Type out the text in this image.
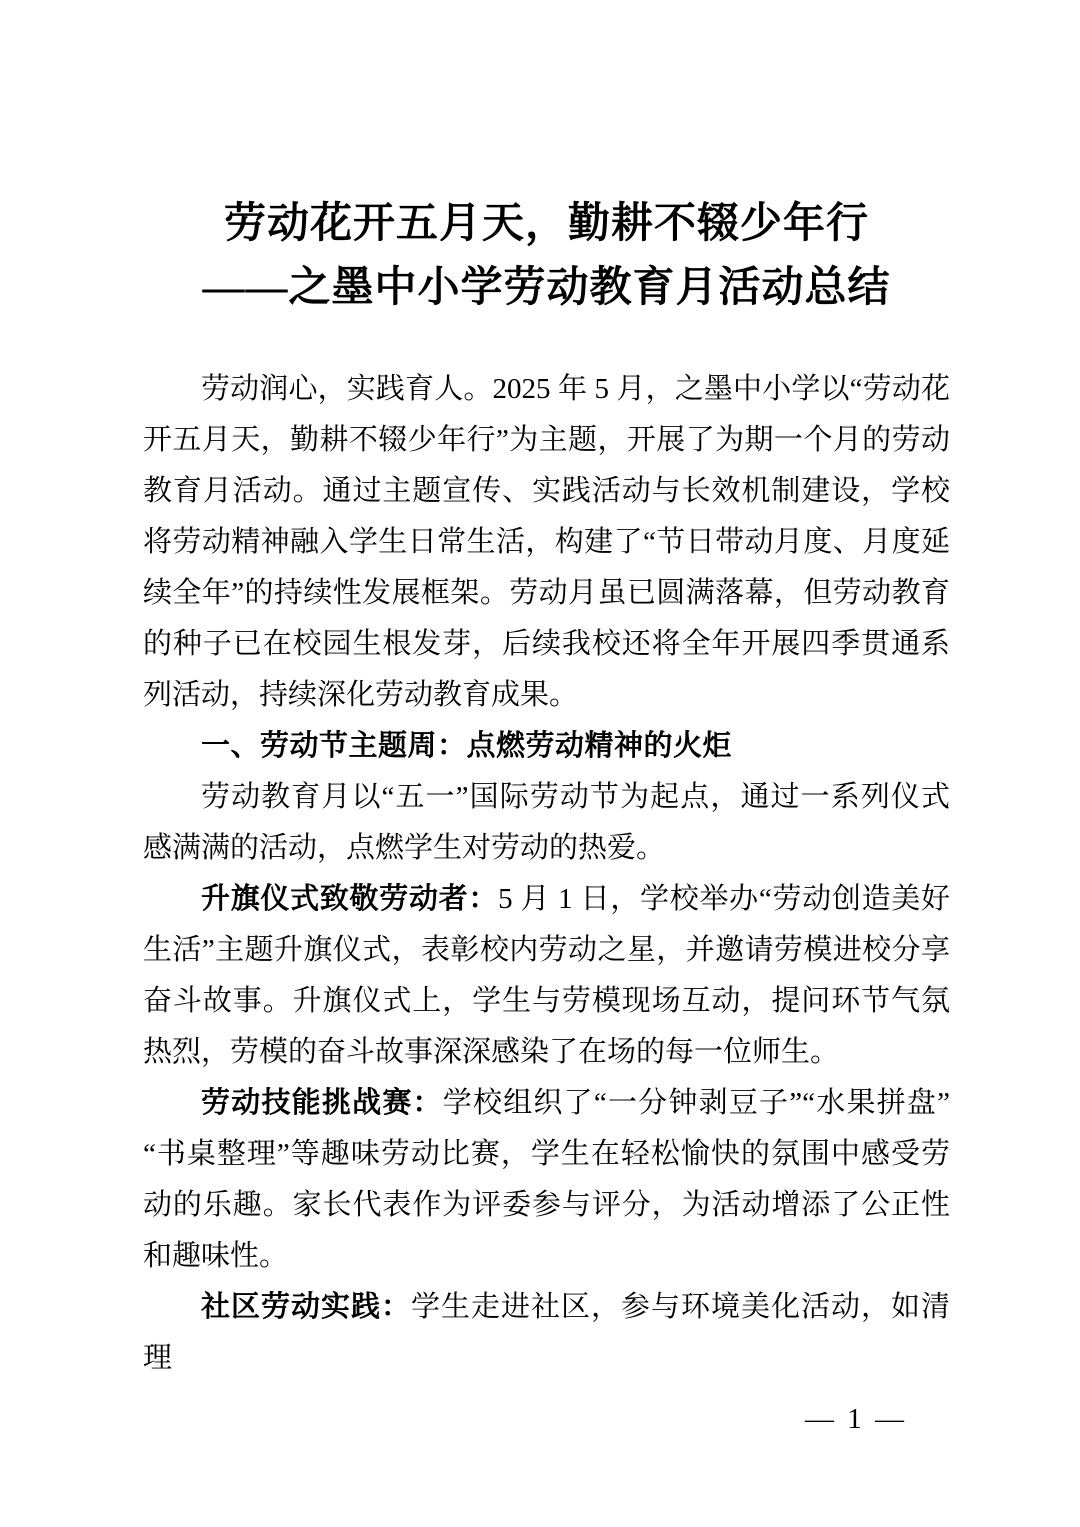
劳动花开五月天，勤耕不辍少年行
——之墨中小学劳动教育月活动总结

劳动润心，实践育人。2025 年 5 月，之墨中小学以“劳动花开五月天，勤耕不辍少年行”为主题，开展了为期一个月的劳动教育月活动。通过主题宣传、实践活动与长效机制建设，学校将劳动精神融入学生日常生活，构建了“节日带动月度、月度延续全年”的持续性发展框架。劳动月虽已圆满落幕，但劳动教育的种子已在校园生根发芽，后续我校还将全年开展四季贯通系列活动，持续深化劳动教育成果。

一、劳动节主题周：点燃劳动精神的火炬

劳动教育月以“五一”国际劳动节为起点，通过一系列仪式感满满的活动，点燃学生对劳动的热爱。

升旗仪式致敬劳动者：5 月 1 日，学校举办“劳动创造美好生活”主题升旗仪式，表彰校内劳动之星，并邀请劳模进校分享奋斗故事。升旗仪式上，学生与劳模现场互动，提问环节气氛热烈，劳模的奋斗故事深深感染了在场的每一位师生。

劳动技能挑战赛：学校组织了“一分钟剥豆子”“水果拼盘”“书桌整理”等趣味劳动比赛，学生在轻松愉快的氛围中感受劳动的乐趣。家长代表作为评委参与评分，为活动增添了公正性和趣味性。

社区劳动实践：学生走进社区，参与环境美化活动，如清理

— 1 —
